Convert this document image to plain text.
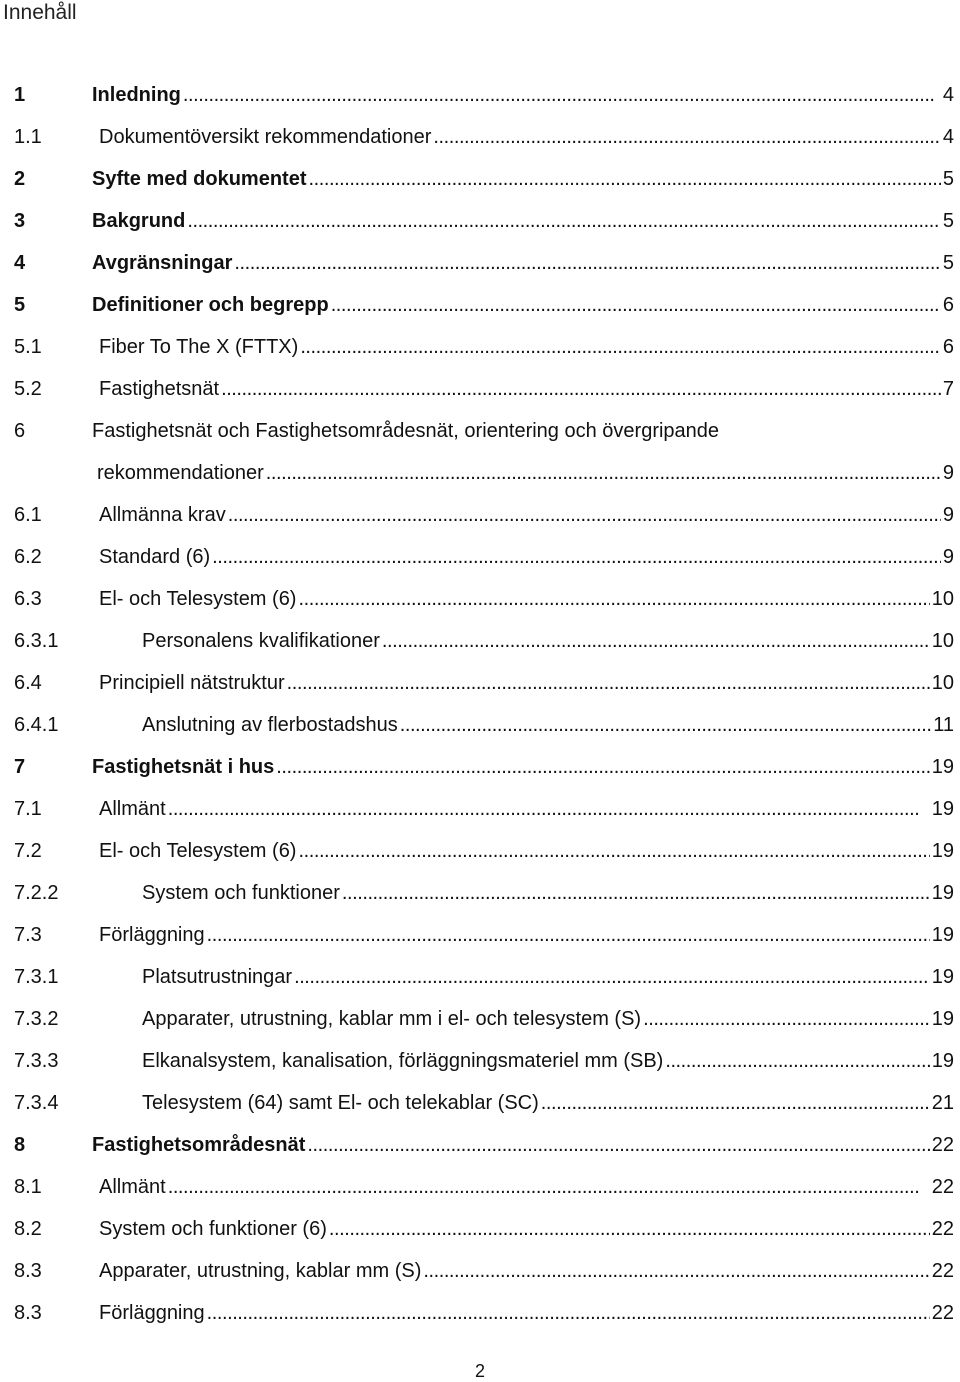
Innehåll
1	Inledning . . .	4
1.1	Dokumentöversikt rekommendationer . . .	4
2	Syfte med dokumentet . . .	5
3	Bakgrund . . .	5
4	Avgränsningar . . .	5
5	Definitioner och begrepp . . .	6
5.1	Fiber To The X (FTTX) . . .	6
5.2	Fastighetsnät . . .	7
6	Fastighetsnät och Fastighetsområdesnät, orientering och övergripande
rekommendationer . . .	9
6.1	Allmänna krav . . .	9
6.2	Standard (6) . . .	9
6.3	El- och Telesystem (6) . . .	10
6.3.1	Personalens kvalifikationer . . .	10
6.4	Principiell nätstruktur . . .	10
6.4.1	Anslutning av flerbostadshus . . .	11
7	Fastighetsnät i hus . . .	19
7.1	Allmänt . . .	19
7.2	El- och Telesystem (6) . . .	19
7.2.2	System och funktioner . . .	19
7.3	Förläggning . . .	19
7.3.1	Platsutrustningar . . .	19
7.3.2	Apparater, utrustning, kablar mm i el- och telesystem (S) . . .	19
7.3.3	Elkanalsystem, kanalisation, förläggningsmateriel mm (SB) . . .	19
7.3.4	Telesystem (64) samt El- och telekablar (SC) . . .	21
8	Fastighetsområdesnät . . .	22
8.1	Allmänt . . .	22
8.2	System och funktioner (6) . . .	22
8.3	Apparater, utrustning, kablar mm (S) . . .	22
8.3	Förläggning . . .	22
2
